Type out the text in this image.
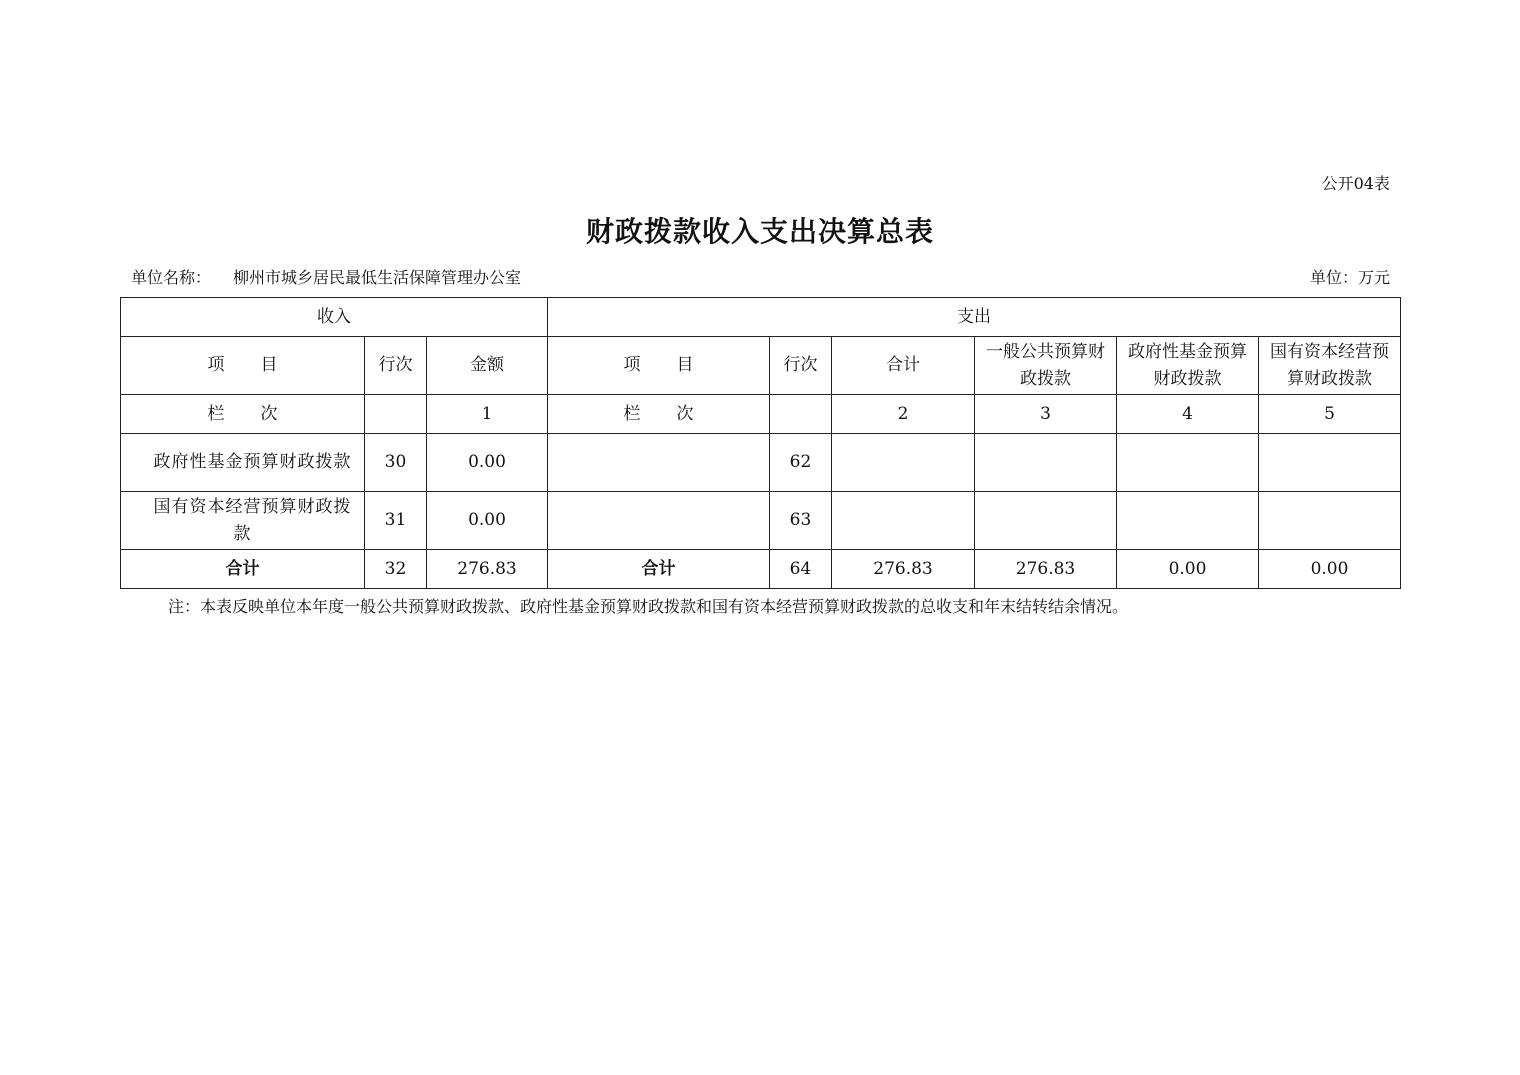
公开04表
财政拨款收入支出决算总表
单位名称： 柳州市城乡居民最低生活保障管理办公室	单位：万元
收入			支出					
项 目	行次	金额	项 目	行次	合计	一般公共预算财政拨款	政府性基金预算财政拨款	国有资本经营预算财政拨款
栏 次		1	栏 次		2	3	4	5
政府性基金预算财政拨款	30	0.00		62				
国有资本经营预算财政拨款	31	0.00		63				
合计	32	276.83	合计	64	276.83	276.83	0.00	0.00
注：本表反映单位本年度一般公共预算财政拨款、政府性基金预算财政拨款和国有资本经营预算财政拨款的总收支和年末结转结余情况。
